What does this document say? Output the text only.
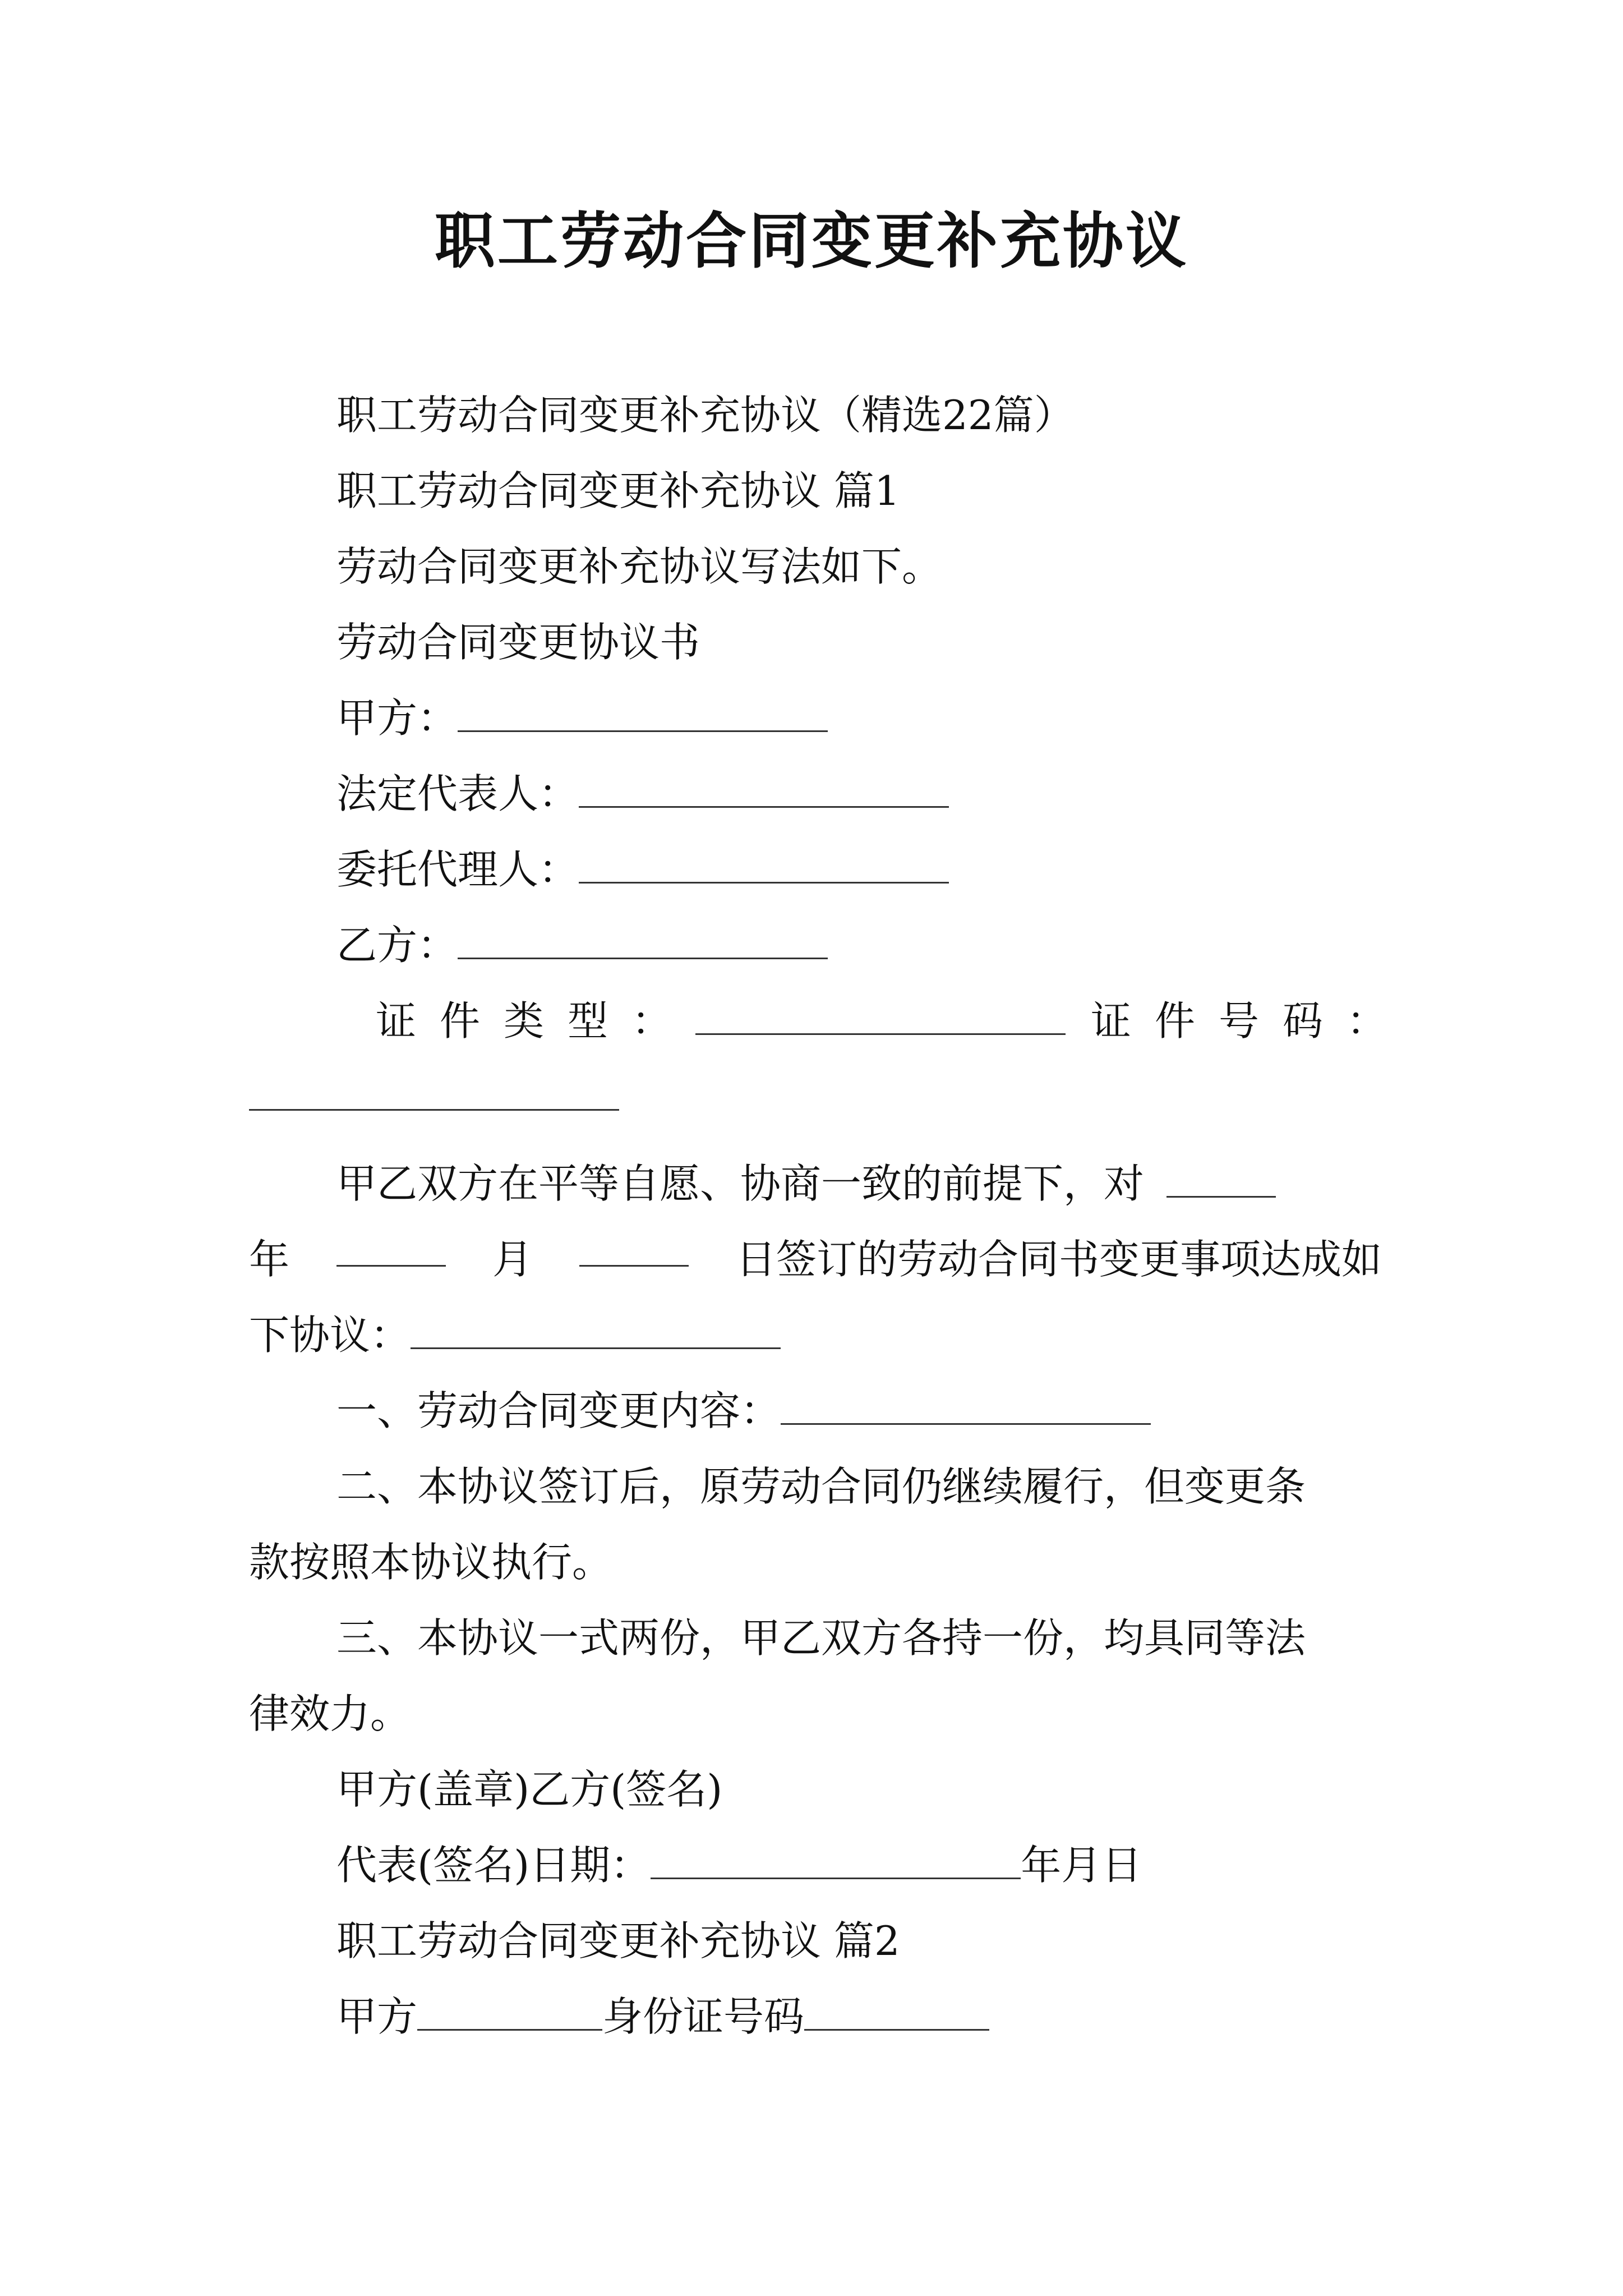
职工劳动合同变更补充协议
职工劳动合同变更补充协议（精选22篇）
职工劳动合同变更补充协议 篇1
劳动合同变更补充协议写法如下。
劳动合同变更协议书
甲方：
法定代表人：
委托代理人：
乙方：
证件类型：	证件号码：
甲乙双方在平等自愿、协商一致的前提下，对
年	月	日签订的劳动合同书变更事项达成如
下协议：
一、劳动合同变更内容：
二、本协议签订后，原劳动合同仍继续履行，但变更条
款按照本协议执行。
三、本协议一式两份，甲乙双方各持一份，均具同等法
律效力。
甲方(盖章)乙方(签名)
代表(签名)日期：	年月日
职工劳动合同变更补充协议 篇2
甲方	身份证号码
